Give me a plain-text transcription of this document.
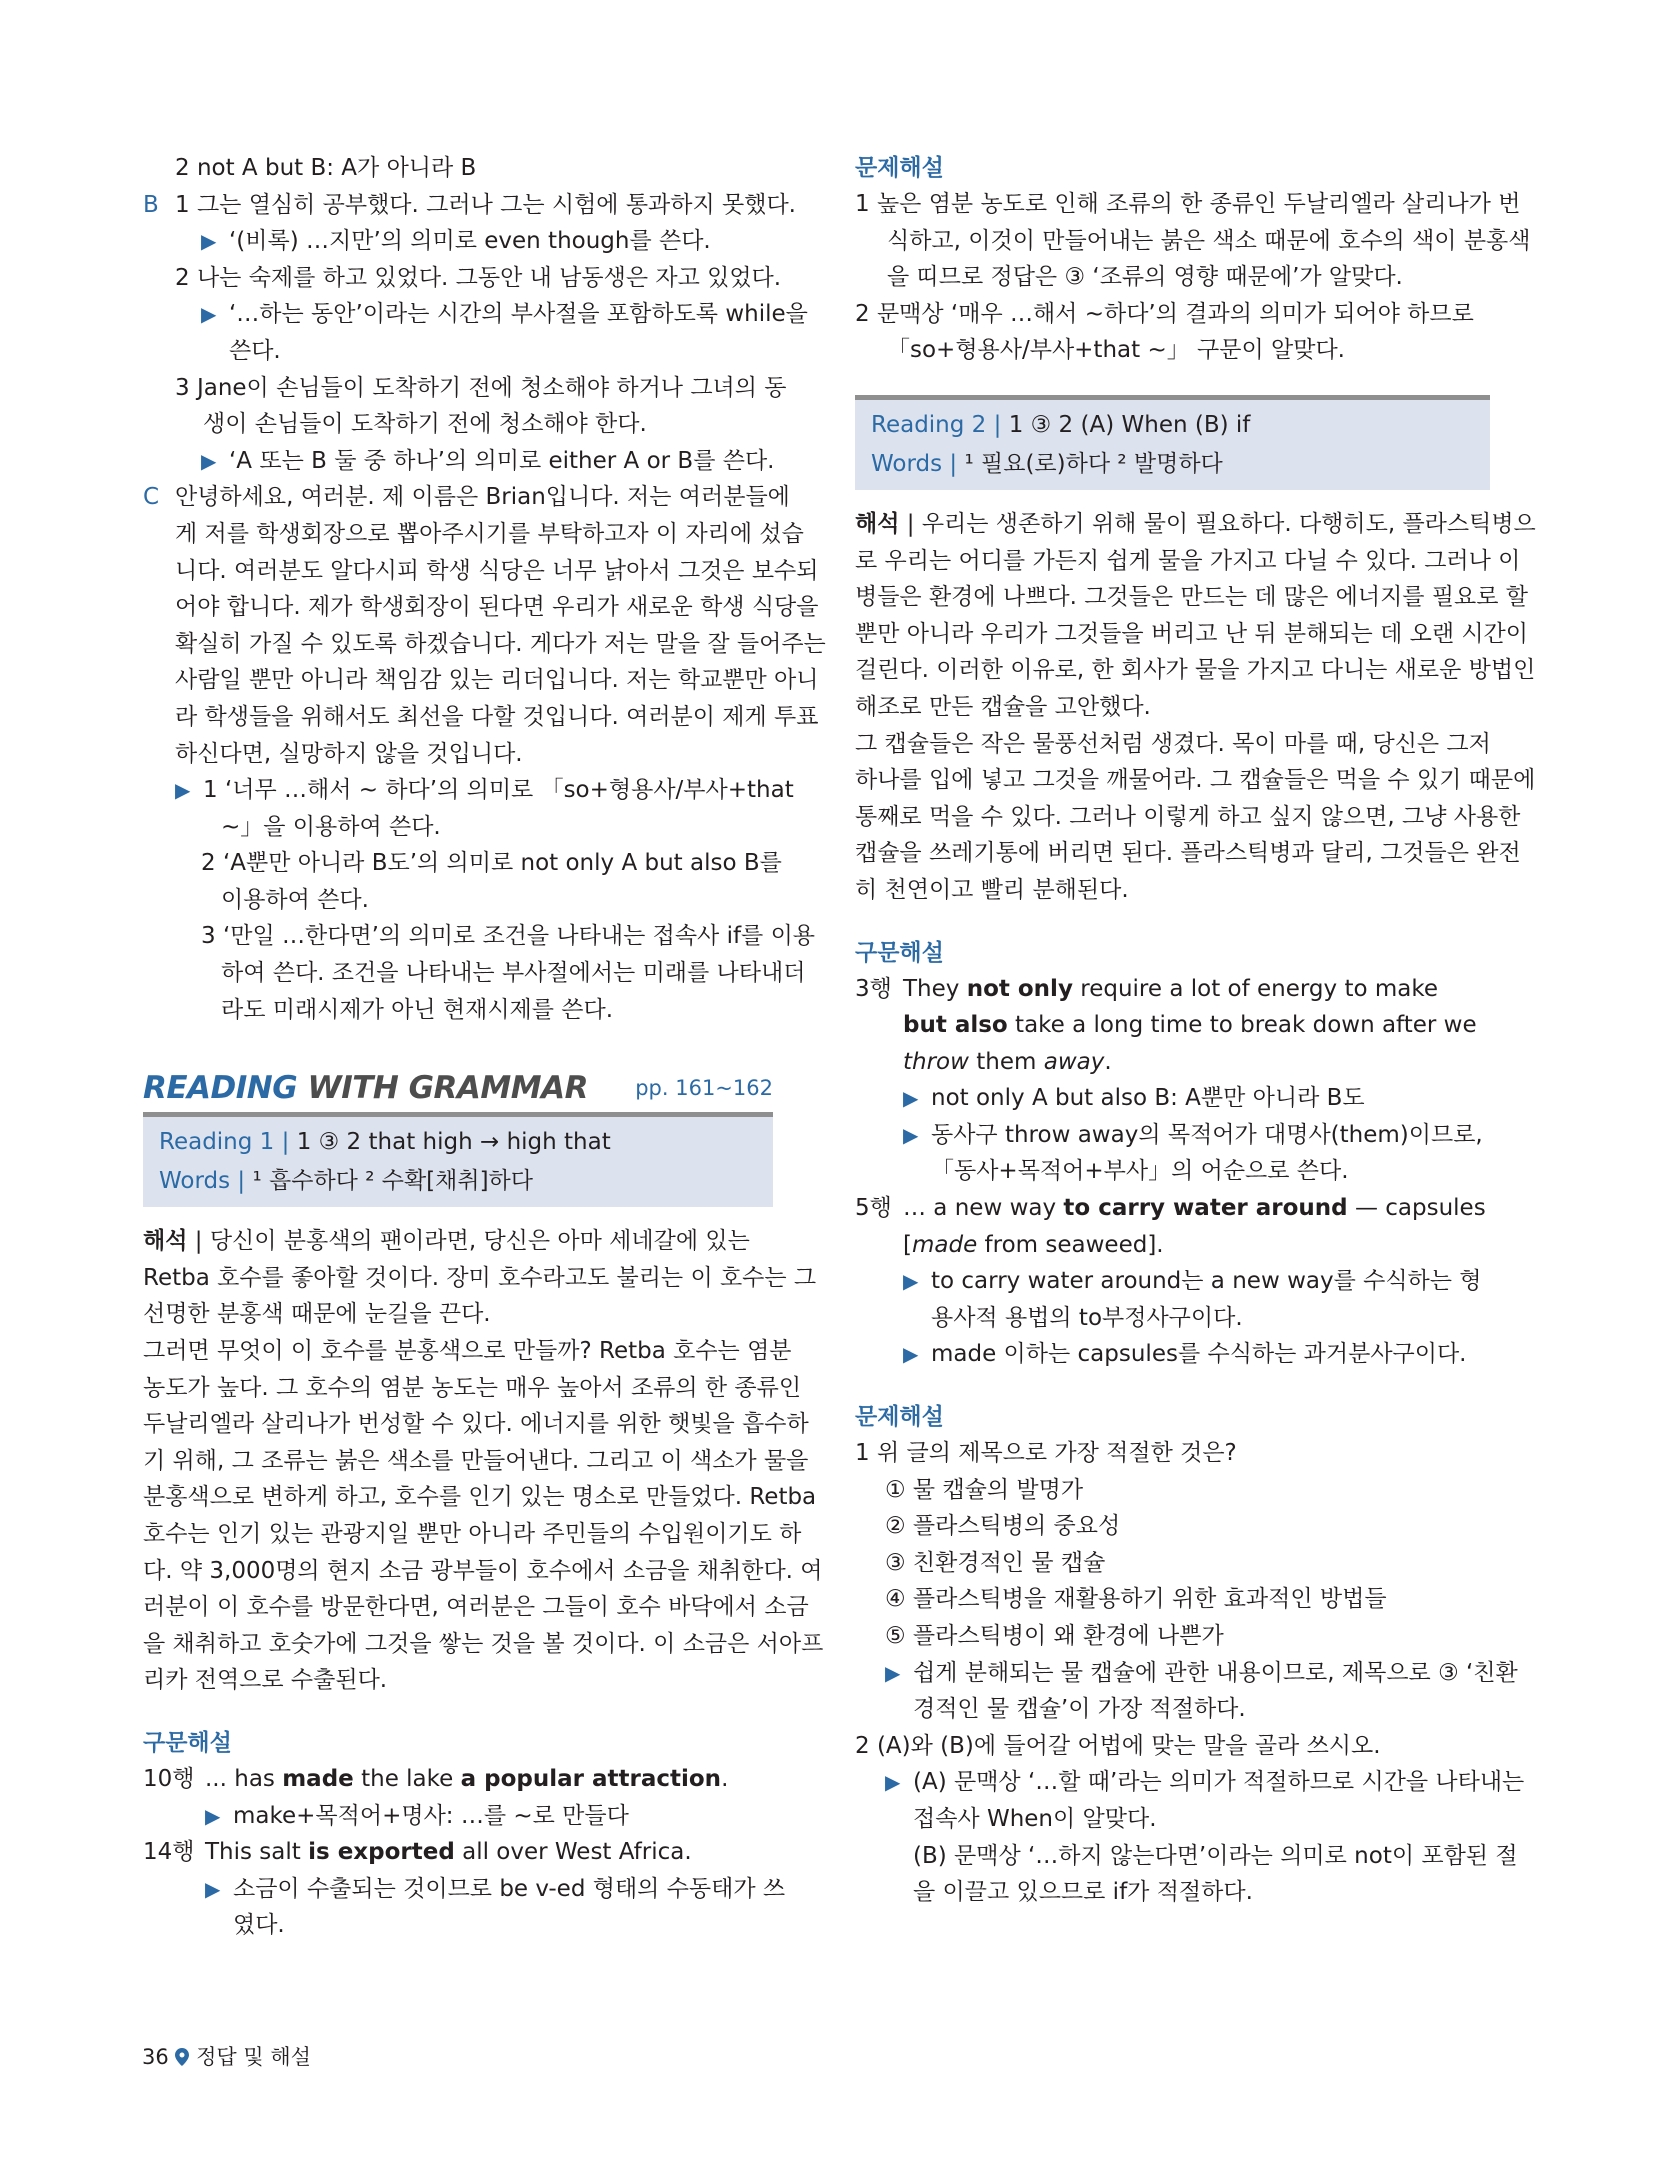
2 not A but B: A가 아니라 B
B 1 그는 열심히 공부했다. 그러나 그는 시험에 통과하지 못했다.
▶ ‘(비록) …지만’의 의미로 even though를 쓴다.
2 나는 숙제를 하고 있었다. 그동안 내 남동생은 자고 있었다.
▶ ‘…하는 동안’이라는 시간의 부사절을 포함하도록 while을
쓴다.
3 Jane이 손님들이 도착하기 전에 청소해야 하거나 그녀의 동
생이 손님들이 도착하기 전에 청소해야 한다.
▶ ‘A 또는 B 둘 중 하나’의 의미로 either A or B를 쓴다.
C 안녕하세요, 여러분. 제 이름은 Brian입니다. 저는 여러분들에
게 저를 학생회장으로 뽑아주시기를 부탁하고자 이 자리에 섰습
니다. 여러분도 알다시피 학생 식당은 너무 낡아서 그것은 보수되
어야 합니다. 제가 학생회장이 된다면 우리가 새로운 학생 식당을
확실히 가질 수 있도록 하겠습니다. 게다가 저는 말을 잘 들어주는
사람일 뿐만 아니라 책임감 있는 리더입니다. 저는 학교뿐만 아니
라 학생들을 위해서도 최선을 다할 것입니다. 여러분이 제게 투표
하신다면, 실망하지 않을 것입니다.
▶ 1 ‘너무 …해서 ~ 하다’의 의미로 「so+형용사/부사+that
~」을 이용하여 쓴다.
2 ‘A뿐만 아니라 B도’의 의미로 not only A but also B를
이용하여 쓴다.
3 ‘만일 …한다면’의 의미로 조건을 나타내는 접속사 if를 이용
하여 쓴다. 조건을 나타내는 부사절에서는 미래를 나타내더
라도 미래시제가 아닌 현재시제를 쓴다.
READING WITH GRAMMAR pp. 161~162
Reading 1 | 1 ③ 2 that high → high that
Words | ¹ 흡수하다 ² 수확[채취]하다
해석 | 당신이 분홍색의 팬이라면, 당신은 아마 세네갈에 있는
Retba 호수를 좋아할 것이다. 장미 호수라고도 불리는 이 호수는 그
선명한 분홍색 때문에 눈길을 끈다.
그러면 무엇이 이 호수를 분홍색으로 만들까? Retba 호수는 염분
농도가 높다. 그 호수의 염분 농도는 매우 높아서 조류의 한 종류인
두날리엘라 살리나가 번성할 수 있다. 에너지를 위한 햇빛을 흡수하
기 위해, 그 조류는 붉은 색소를 만들어낸다. 그리고 이 색소가 물을
분홍색으로 변하게 하고, 호수를 인기 있는 명소로 만들었다. Retba
호수는 인기 있는 관광지일 뿐만 아니라 주민들의 수입원이기도 하
다. 약 3,000명의 현지 소금 광부들이 호수에서 소금을 채취한다. 여
러분이 이 호수를 방문한다면, 여러분은 그들이 호수 바닥에서 소금
을 채취하고 호숫가에 그것을 쌓는 것을 볼 것이다. 이 소금은 서아프
리카 전역으로 수출된다.
구문해설
10행 ... has made the lake a popular attraction.
▶ make+목적어+명사: …를 ~로 만들다
14행 This salt is exported all over West Africa.
▶ 소금이 수출되는 것이므로 be v-ed 형태의 수동태가 쓰
였다.
문제해설
1 높은 염분 농도로 인해 조류의 한 종류인 두날리엘라 살리나가 번
식하고, 이것이 만들어내는 붉은 색소 때문에 호수의 색이 분홍색
을 띠므로 정답은 ③ ‘조류의 영향 때문에’가 알맞다.
2 문맥상 ‘매우 …해서 ~하다’의 결과의 의미가 되어야 하므로
「so+형용사/부사+that ~」 구문이 알맞다.
Reading 2 | 1 ③ 2 (A) When (B) if
Words | ¹ 필요(로)하다 ² 발명하다
해석 | 우리는 생존하기 위해 물이 필요하다. 다행히도, 플라스틱병으
로 우리는 어디를 가든지 쉽게 물을 가지고 다닐 수 있다. 그러나 이
병들은 환경에 나쁘다. 그것들은 만드는 데 많은 에너지를 필요로 할
뿐만 아니라 우리가 그것들을 버리고 난 뒤 분해되는 데 오랜 시간이
걸린다. 이러한 이유로, 한 회사가 물을 가지고 다니는 새로운 방법인
해조로 만든 캡슐을 고안했다.
그 캡슐들은 작은 물풍선처럼 생겼다. 목이 마를 때, 당신은 그저
하나를 입에 넣고 그것을 깨물어라. 그 캡슐들은 먹을 수 있기 때문에
통째로 먹을 수 있다. 그러나 이렇게 하고 싶지 않으면, 그냥 사용한
캡슐을 쓰레기통에 버리면 된다. 플라스틱병과 달리, 그것들은 완전
히 천연이고 빨리 분해된다.
구문해설
3행 They not only require a lot of energy to make
but also take a long time to break down after we
throw them away.
▶ not only A but also B: A뿐만 아니라 B도
▶ 동사구 throw away의 목적어가 대명사(them)이므로,
「동사+목적어+부사」의 어순으로 쓴다.
5행 … a new way to carry water around — capsules
[made from seaweed].
▶ to carry water around는 a new way를 수식하는 형
용사적 용법의 to부정사구이다.
▶ made 이하는 capsules를 수식하는 과거분사구이다.
문제해설
1 위 글의 제목으로 가장 적절한 것은?
① 물 캡슐의 발명가
② 플라스틱병의 중요성
③ 친환경적인 물 캡슐
④ 플라스틱병을 재활용하기 위한 효과적인 방법들
⑤ 플라스틱병이 왜 환경에 나쁜가
▶ 쉽게 분해되는 물 캡슐에 관한 내용이므로, 제목으로 ③ ‘친환
경적인 물 캡슐’이 가장 적절하다.
2 (A)와 (B)에 들어갈 어법에 맞는 말을 골라 쓰시오.
▶ (A) 문맥상 ‘…할 때’라는 의미가 적절하므로 시간을 나타내는
접속사 When이 알맞다.
(B) 문맥상 ‘…하지 않는다면’이라는 의미로 not이 포함된 절
을 이끌고 있으므로 if가 적절하다.
36 정답 및 해설
